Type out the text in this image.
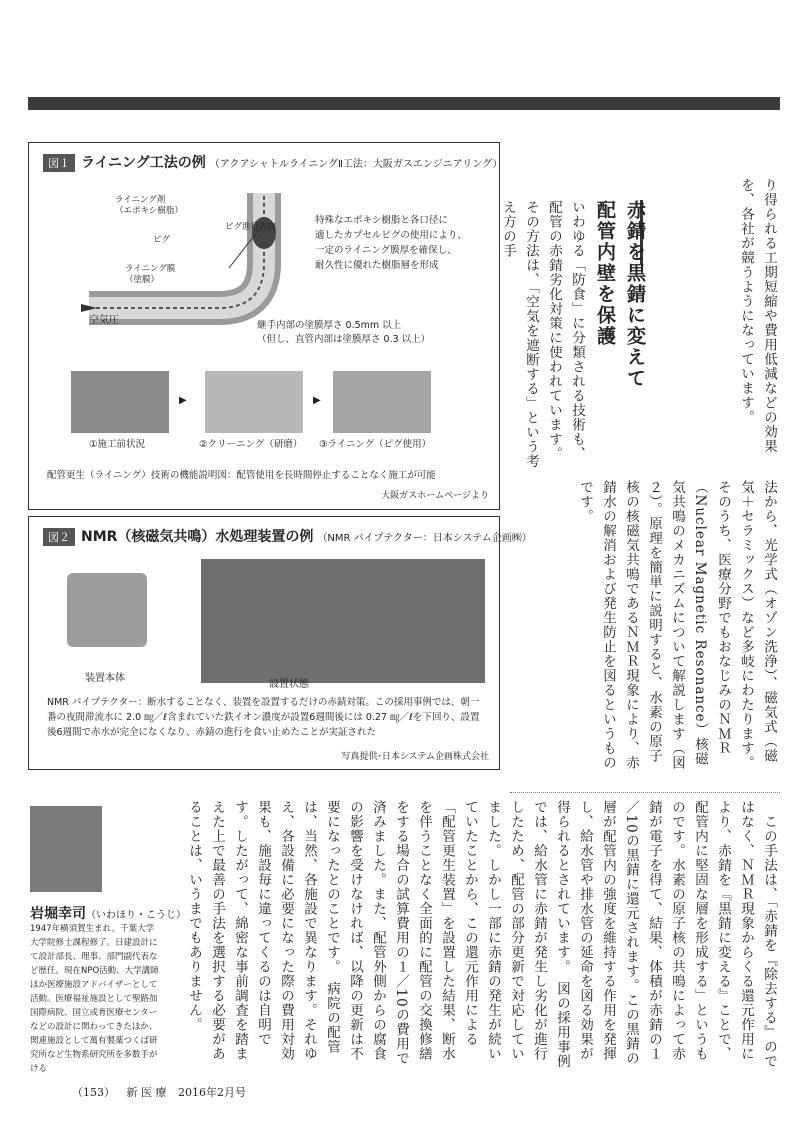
図１ ライニング工法の例 （アクアシャトルライニングⅡ工法：大阪ガスエンジニアリング）
ライニング剤
（エポキシ樹脂）
ピグ進行方向
ピグ
ライニング膜
（塗膜）
空気圧
特殊なエポキシ樹脂と各口径に
適したカプセルピグの使用により、
一定のライニング膜厚を確保し、
耐久性に優れた樹脂層を形成
継手内部の塗膜厚さ 0.5mm 以上
（但し、直管内部は塗膜厚さ 0.3 以上）
▶	▶
①施工前状況	②クリーニング（研磨） ③ライニング（ピグ使用）
配管更生（ライニング）技術の機能説明図：配管使用を長時間停止することなく施工が可能
大阪ガスホームページより
図２ NMR（核磁気共鳴）水処理装置の例 （NMR パイプテクター：日本システム企画㈱）
装置本体
設置状態
NMR パイプテクター：断水することなく、装置を設置するだけの赤錆対策。この採用事例では、朝一番の夜間滞流水に 2.0 ㎎／ℓ含まれていた鉄イオン濃度が設置6週間後には 0.27 ㎎／ℓを下回り、設置後6週間で赤水が完全になくなり、赤錆の進行を食い止めたことが実証された
写真提供･日本システム企画株式会社
り得られる工期短縮や費用低減などの効果を、各社が競うようになっています。
赤錆を黒錆に変えて
配管内壁を保護
いわゆる「防食」に分類される技術も、配管の赤錆劣化対策に使われています。その方法は、「空気を遮断する」という考え方の手
法から、光学式（オゾン洗浄）、磁気式（磁気＋セラミックス）など多岐にわたります。　そのうち、医療分野でもおなじみのＮＭＲ（Nuclear Magnetic Resonance）核磁気共鳴のメカニズムについて解説します（図２）。原理を簡単に説明すると、水素の原子核の核磁気共鳴であるＮＭＲ現象により、赤錆水の解消および発生防止を図るというものです。
　この手法は、「赤錆を『除去する』のではなく、ＮＭＲ現象からくる還元作用により、赤錆を『黒錆に変える』ことで、配管内に堅固な層を形成する」というものです。水素の原子核の共鳴によって赤錆が電子を得て、結果、体積が赤錆の１／10の黒錆に還元されます。この黒錆の層が配管内の強度を維持する作用を発揮し、給水管や排水管の延命を図る効果が得られるとされています。　図の採用事例では、給水管に赤錆が発生し劣化が進行したため、配管の部分更新で対応していました。しかし一部に赤錆の発生が続いていたことから、この還元作用による「配管更生装置」を設置した結果、断水を伴うことなく全面的に配管の交換修繕をする場合の試算費用の１／10の費用で済みました。また、配管外側からの腐食の影響を受けなければ、以降の更新は不要になったとのことです。　病院の配管は、当然、各施設で異なります。それゆえ、各設備に必要になった際の費用対効果も、施設毎に違ってくるのは自明です。したがって、綿密な事前調査を踏まえた上で最善の手法を選択する必要があることは、いうまでもありません。
岩堀幸司（いわほり・こうじ）
1947年横須賀生まれ。千葉大学大学院修士課程修了。日建設計にて設計部長、理事、部門副代表など歴任。現在NPO活動、大学講師ほか医療施設アドバイザーとして活動。医療福祉施設として聖路加国際病院、国立成育医療センターなどの設計に関わってきたほか、関連施設として萬有製薬つくば研究所など生物系研究所を多数手がける
（153） 新 医 療 2016年2月号
